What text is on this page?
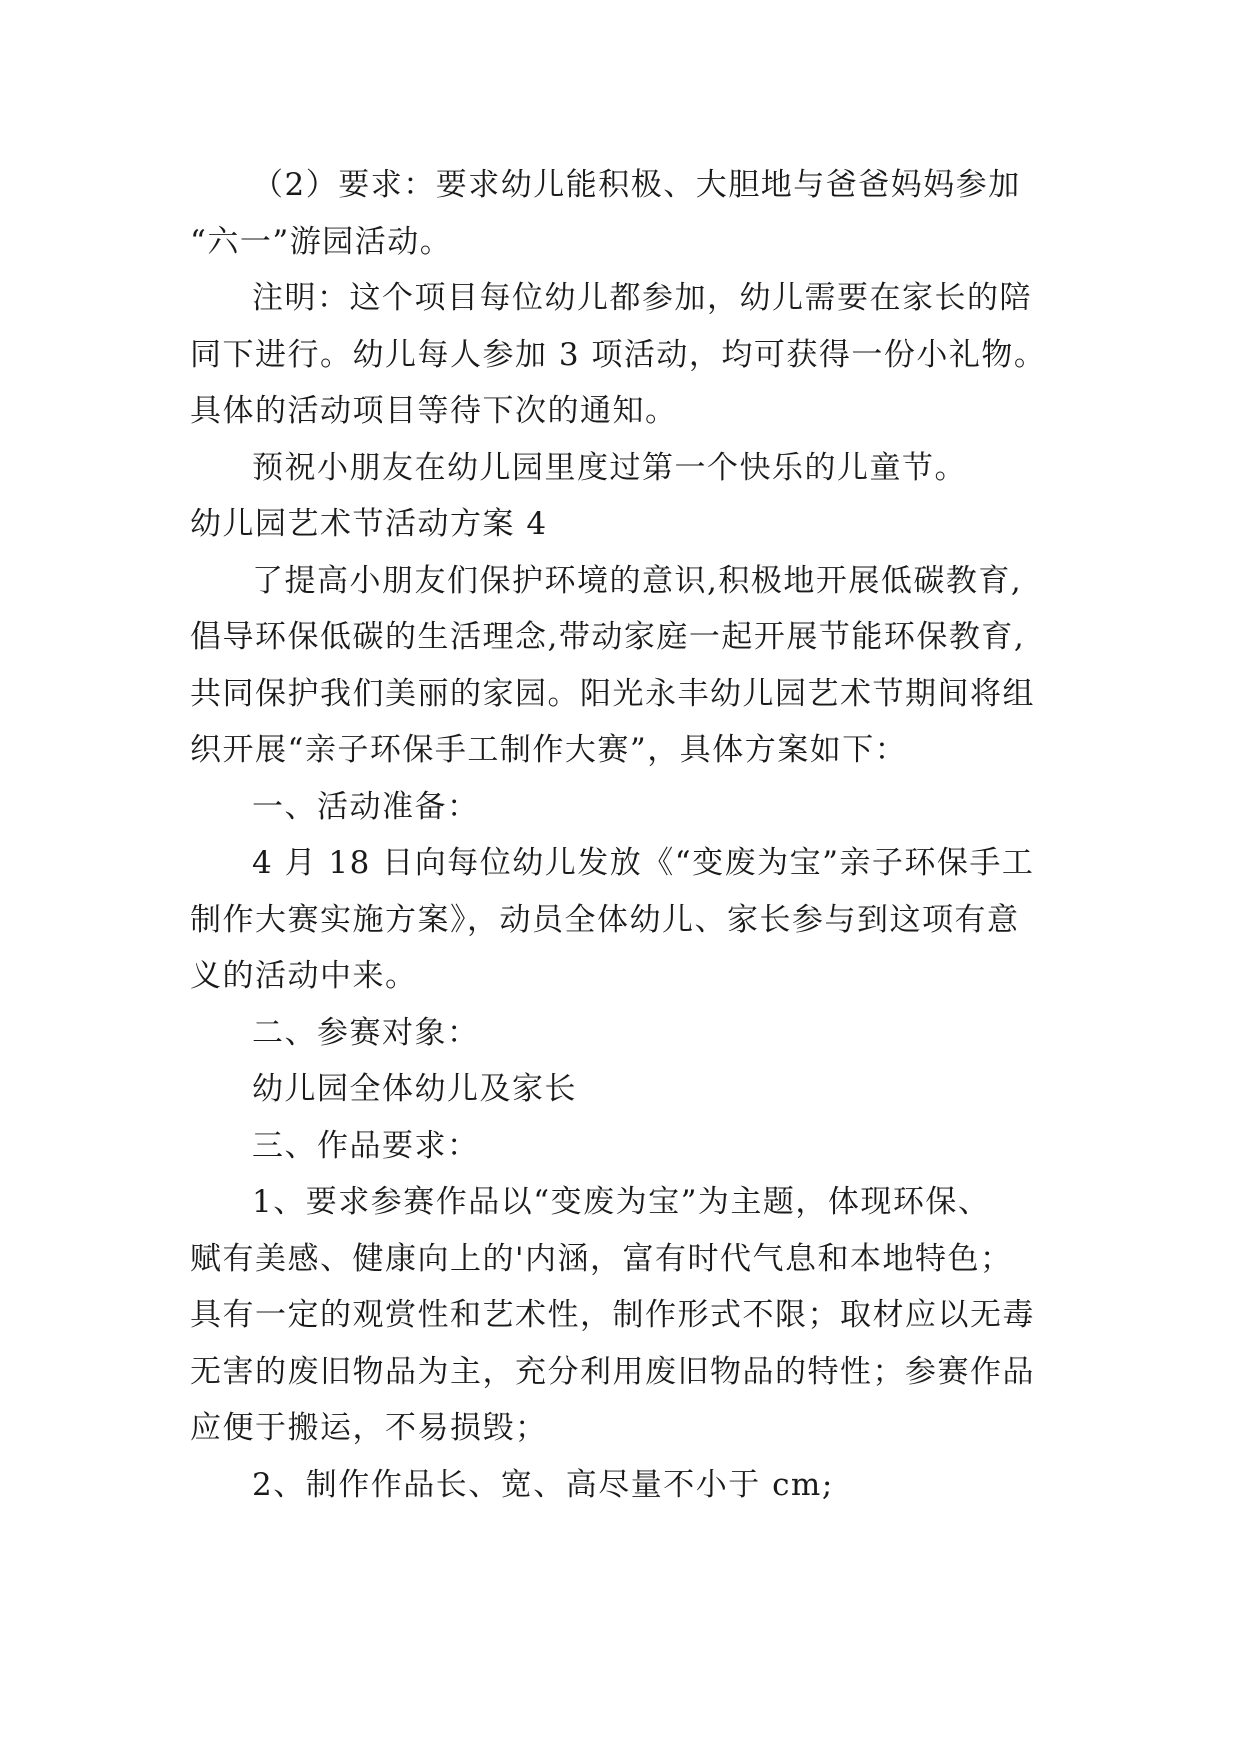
（2）要求：要求幼儿能积极、大胆地与爸爸妈妈参加
“六一”游园活动。
注明：这个项目每位幼儿都参加，幼儿需要在家长的陪
同下进行。幼儿每人参加 3 项活动，均可获得一份小礼物。
具体的活动项目等待下次的通知。
预祝小朋友在幼儿园里度过第一个快乐的儿童节。
幼儿园艺术节活动方案 4
了提高小朋友们保护环境的意识,积极地开展低碳教育,
倡导环保低碳的生活理念,带动家庭一起开展节能环保教育,
共同保护我们美丽的家园。阳光永丰幼儿园艺术节期间将组
织开展“亲子环保手工制作大赛”，具体方案如下：
一、活动准备：
4 月 18 日向每位幼儿发放《“变废为宝”亲子环保手工
制作大赛实施方案》，动员全体幼儿、家长参与到这项有意
义的活动中来。
二、参赛对象：
幼儿园全体幼儿及家长
三、作品要求：
1、要求参赛作品以“变废为宝”为主题，体现环保、
赋有美感、健康向上的'内涵，富有时代气息和本地特色；
具有一定的观赏性和艺术性，制作形式不限；取材应以无毒
无害的废旧物品为主，充分利用废旧物品的特性；参赛作品
应便于搬运，不易损毁；
2、制作作品长、宽、高尽量不小于 cm;
